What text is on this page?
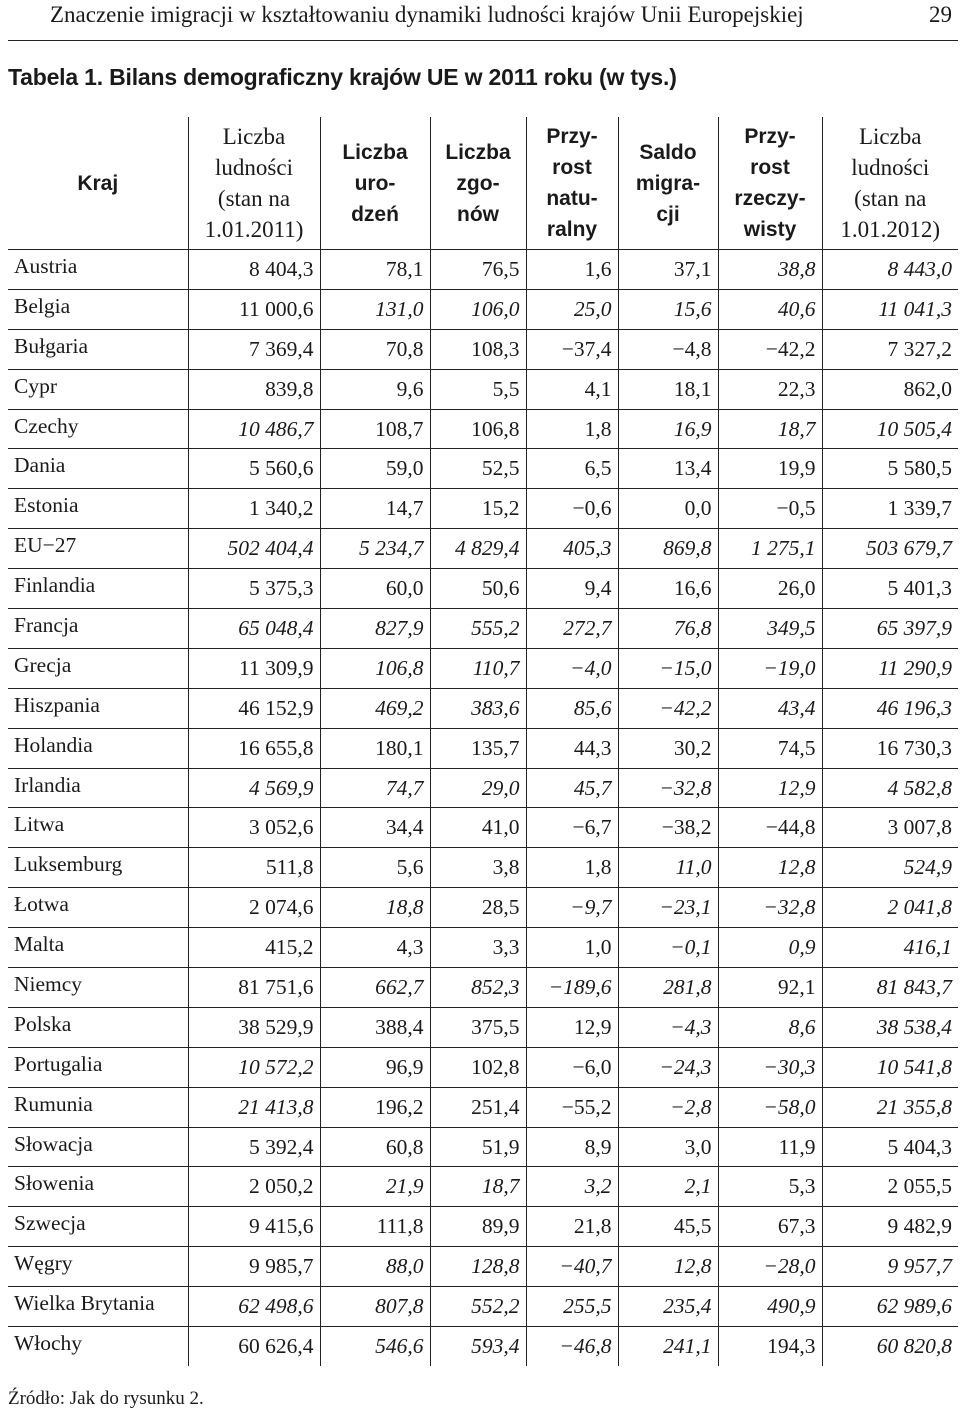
Znaczenie imigracji w kształtowaniu dynamiki ludności krajów Unii Europejskiej	29
Tabela 1. Bilans demograficzny krajów UE w 2011 roku (w tys.)
Kraj	Liczba
ludności
(stan na
1.01.2011)	Liczba
uro-
dzeń	Liczba
zgo-
nów	Przy-
rost
natu-
ralny	Saldo
migra-
cji	Przy-
rost
rzeczy-
wisty	Liczba
ludności
(stan na
1.01.2012)
Austria	8 404,3	78,1	76,5	1,6	37,1	38,8	8 443,0
Belgia	11 000,6	131,0	106,0	25,0	15,6	40,6	11 041,3
Bułgaria	7 369,4	70,8	108,3	−37,4	−4,8	−42,2	7 327,2
Cypr	839,8	9,6	5,5	4,1	18,1	22,3	862,0
Czechy	10 486,7	108,7	106,8	1,8	16,9	18,7	10 505,4
Dania	5 560,6	59,0	52,5	6,5	13,4	19,9	5 580,5
Estonia	1 340,2	14,7	15,2	−0,6	0,0	−0,5	1 339,7
EU−27	502 404,4	5 234,7	4 829,4	405,3	869,8	1 275,1	503 679,7
Finlandia	5 375,3	60,0	50,6	9,4	16,6	26,0	5 401,3
Francja	65 048,4	827,9	555,2	272,7	76,8	349,5	65 397,9
Grecja	11 309,9	106,8	110,7	−4,0	−15,0	−19,0	11 290,9
Hiszpania	46 152,9	469,2	383,6	85,6	−42,2	43,4	46 196,3
Holandia	16 655,8	180,1	135,7	44,3	30,2	74,5	16 730,3
Irlandia	4 569,9	74,7	29,0	45,7	−32,8	12,9	4 582,8
Litwa	3 052,6	34,4	41,0	−6,7	−38,2	−44,8	3 007,8
Luksemburg	511,8	5,6	3,8	1,8	11,0	12,8	524,9
Łotwa	2 074,6	18,8	28,5	−9,7	−23,1	−32,8	2 041,8
Malta	415,2	4,3	3,3	1,0	−0,1	0,9	416,1
Niemcy	81 751,6	662,7	852,3	−189,6	281,8	92,1	81 843,7
Polska	38 529,9	388,4	375,5	12,9	−4,3	8,6	38 538,4
Portugalia	10 572,2	96,9	102,8	−6,0	−24,3	−30,3	10 541,8
Rumunia	21 413,8	196,2	251,4	−55,2	−2,8	−58,0	21 355,8
Słowacja	5 392,4	60,8	51,9	8,9	3,0	11,9	5 404,3
Słowenia	2 050,2	21,9	18,7	3,2	2,1	5,3	2 055,5
Szwecja	9 415,6	111,8	89,9	21,8	45,5	67,3	9 482,9
Węgry	9 985,7	88,0	128,8	−40,7	12,8	−28,0	9 957,7
Wielka Brytania	62 498,6	807,8	552,2	255,5	235,4	490,9	62 989,6
Włochy	60 626,4	546,6	593,4	−46,8	241,1	194,3	60 820,8
Źródło: Jak do rysunku 2.
